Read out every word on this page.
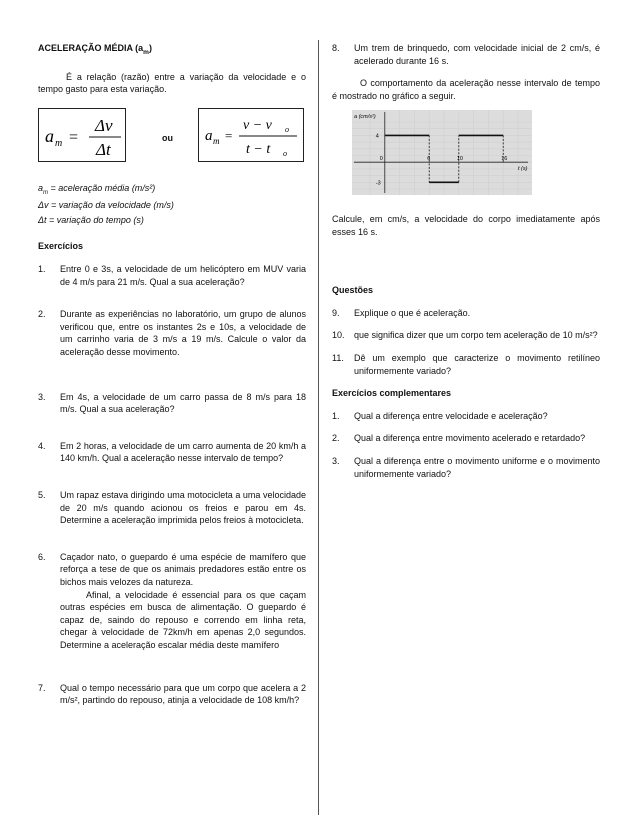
ACELERAÇÃO MÉDIA $(a_m)$

É a relação (razão) entre a variação da velocidade e o tempo gasto para esta variação.

a m =
Δv
Δt
ou a m =
v − v o
t − t o
$a_m$ = aceleração média (m/s²)
Δv = variação da velocidade (m/s)
Δt = variação do tempo (s)

Exercícios

1.	Entre 0 e 3s, a velocidade de um helicóptero em MUV varia de 4 m/s para 21 m/s. Qual a sua aceleração?
2.	Durante as experiências no laboratório, um grupo de alunos verificou que, entre os instantes 2s e 10s, a velocidade de um carrinho varia de 3 m/s a 19 m/s. Calcule o valor da aceleração desse movimento.
3.	Em 4s, a velocidade de um carro passa de 8 m/s para 18 m/s. Qual a sua aceleração?
4.	Em 2 horas, a velocidade de um carro aumenta de 20 km/h a 140 km/h. Qual a aceleração nesse intervalo de tempo?
5.	Um rapaz estava dirigindo uma motocicleta a uma velocidade de 20 m/s quando acionou os freios e parou em 4s. Determine a aceleração imprimida pelos freios à motocicleta.
6.	Caçador nato, o guepardo é uma espécie de mamífero que reforça a tese de que os animais predadores estão entre os bichos mais velozes da natureza.
Afinal, a velocidade é essencial para os que caçam outras espécies em busca de alimentação. O guepardo é capaz de, saindo do repouso e correndo em linha reta, chegar à velocidade de 72km/h em apenas 2,0 segundos. Determine a aceleração escalar média deste mamífero
7.	Qual o tempo necessário para que um corpo que acelera a 2 m/s², partindo do repouso, atinja a velocidade de 108 km/h?
8.	Um trem de brinquedo, com velocidade inicial de 2 cm/s, é acelerado durante 16 s.

O comportamento da aceleração nesse intervalo de tempo é mostrado no gráfico a seguir.

a (cm/s²)
t (s)
0	6	10	16
4
-3

Calcule, em cm/s, a velocidade do corpo imediatamente após esses 16 s.

Questões

9.	Explique o que é aceleração.
10.	que significa dizer que um corpo tem aceleração de 10 m/s²?
11.	Dê um exemplo que caracterize o movimento retilíneo uniformemente variado?

Exercícios complementares

1.	Qual a diferença entre velocidade e aceleração?
2.	Qual a diferença entre movimento acelerado e retardado?
3.	Qual a diferença entre o movimento uniforme e o movimento uniformemente variado?
